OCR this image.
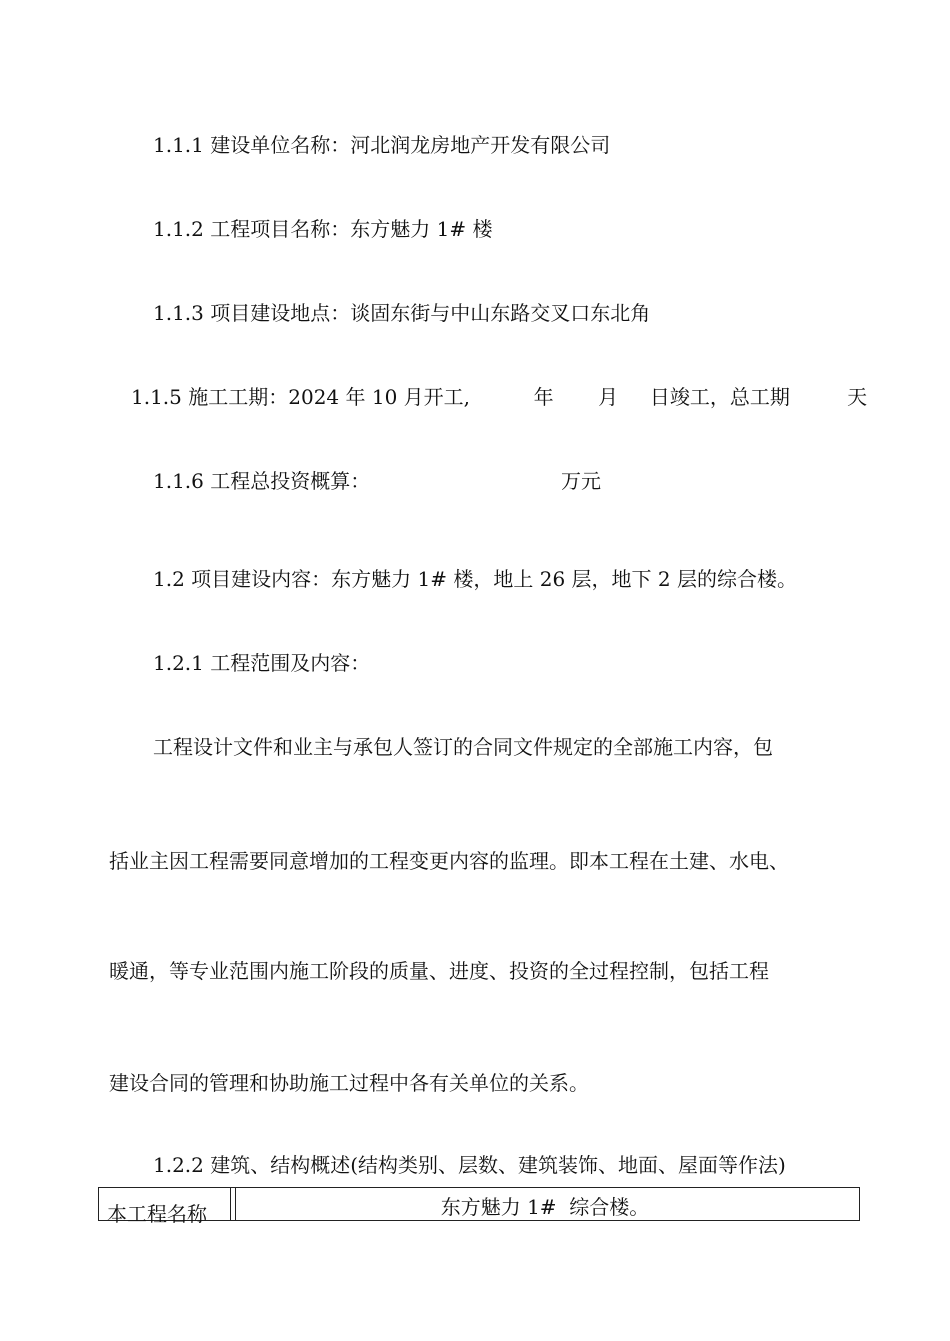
1.1.1 建设单位名称：河北润龙房地产开发有限公司
1.1.2 工程项目名称：东方魅力 1# 楼
1.1.3 项目建设地点：谈固东街与中山东路交叉口东北角
1.1.5 施工工期：2024 年 10 月开工,          年       月     日竣工，总工期         天
1.1.6 工程总投资概算：                              万元
1.2 项目建设内容：东方魅力 1# 楼，地上 26 层，地下 2 层的综合楼。
1.2.1 工程范围及内容：
工程设计文件和业主与承包人签订的合同文件规定的全部施工内容，包
括业主因工程需要同意增加的工程变更内容的监理。即本工程在土建、水电、
暖通，等专业范围内施工阶段的质量、进度、投资的全过程控制，包括工程
建设合同的管理和协助施工过程中各有关单位的关系。
1.2.2 建筑、结构概述(结构类别、层数、建筑装饰、地面、屋面等作法)
本工程名称	东方魅力 1#  综合楼。
